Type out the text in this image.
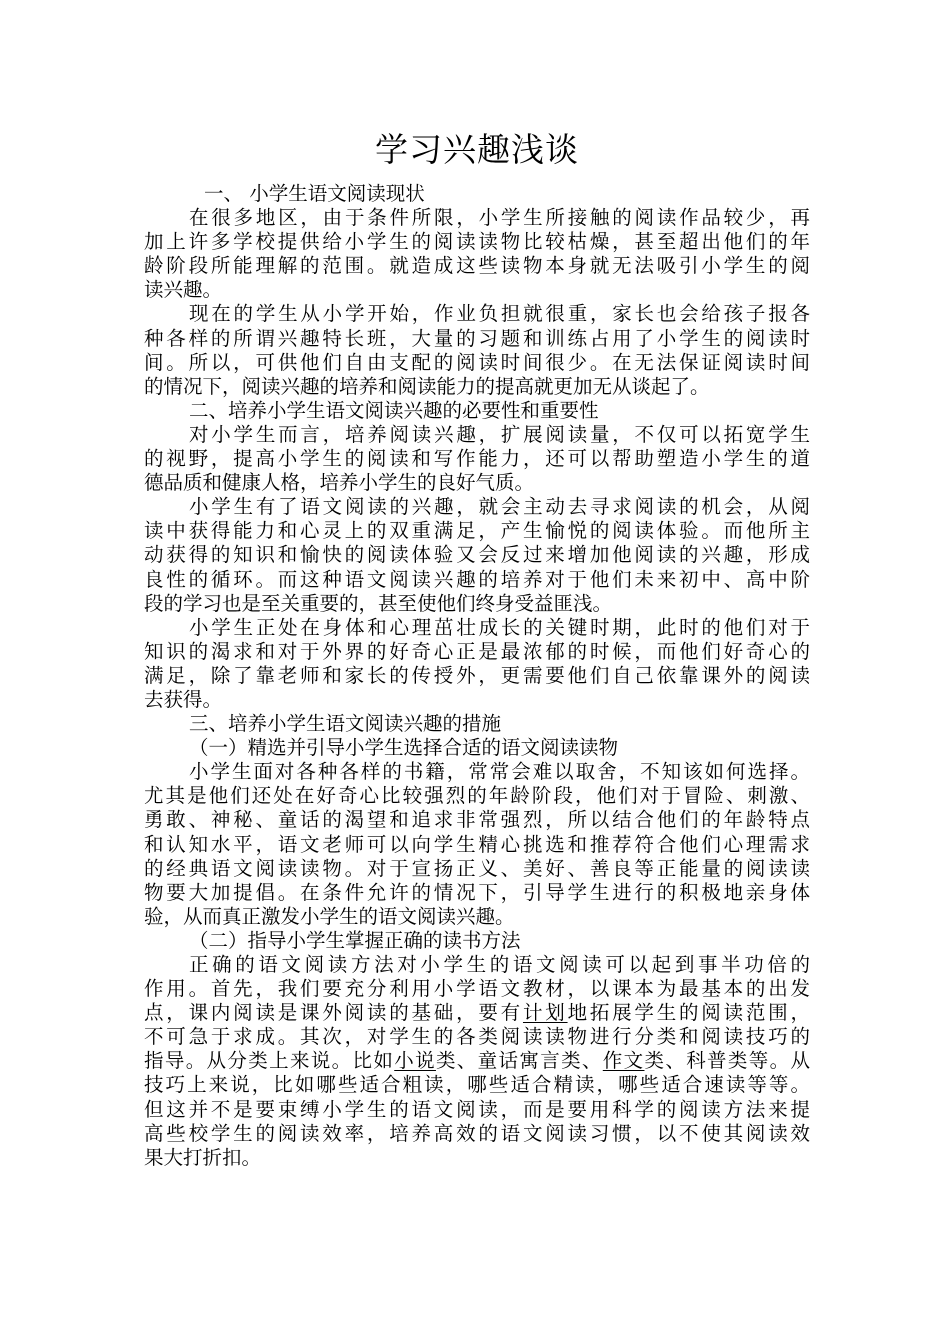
学习兴趣浅谈
一、 小学生语文阅读现状
在很多地区，由于条件所限，小学生所接触的阅读作品较少，再
加上许多学校提供给小学生的阅读读物比较枯燥，甚至超出他们的年
龄阶段所能理解的范围。就造成这些读物本身就无法吸引小学生的阅
读兴趣。
现在的学生从小学开始，作业负担就很重，家长也会给孩子报各
种各样的所谓兴趣特长班，大量的习题和训练占用了小学生的阅读时
间。所以，可供他们自由支配的阅读时间很少。在无法保证阅读时间
的情况下，阅读兴趣的培养和阅读能力的提高就更加无从谈起了。
二、培养小学生语文阅读兴趣的必要性和重要性
对小学生而言，培养阅读兴趣，扩展阅读量，不仅可以拓宽学生
的视野，提高小学生的阅读和写作能力，还可以帮助塑造小学生的道
德品质和健康人格，培养小学生的良好气质。
小学生有了语文阅读的兴趣，就会主动去寻求阅读的机会，从阅
读中获得能力和心灵上的双重满足，产生愉悦的阅读体验。而他所主
动获得的知识和愉快的阅读体验又会反过来增加他阅读的兴趣，形成
良性的循环。而这种语文阅读兴趣的培养对于他们未来初中、高中阶
段的学习也是至关重要的，甚至使他们终身受益匪浅。
小学生正处在身体和心理茁壮成长的关键时期，此时的他们对于
知识的渴求和对于外界的好奇心正是最浓郁的时候，而他们好奇心的
满足，除了靠老师和家长的传授外，更需要他们自己依靠课外的阅读
去获得。
三、培养小学生语文阅读兴趣的措施
（一）精选并引导小学生选择合适的语文阅读读物
小学生面对各种各样的书籍，常常会难以取舍，不知该如何选择。
尤其是他们还处在好奇心比较强烈的年龄阶段，他们对于冒险、刺激、
勇敢、神秘、童话的渴望和追求非常强烈，所以结合他们的年龄特点
和认知水平，语文老师可以向学生精心挑选和推荐符合他们心理需求
的经典语文阅读读物。对于宣扬正义、美好、善良等正能量的阅读读
物要大加提倡。在条件允许的情况下，引导学生进行的积极地亲身体
验，从而真正激发小学生的语文阅读兴趣。
（二）指导小学生掌握正确的读书方法
正确的语文阅读方法对小学生的语文阅读可以起到事半功倍的
作用。首先，我们要充分利用小学语文教材，以课本为最基本的出发
点，课内阅读是课外阅读的基础，要有计划地拓展学生的阅读范围，
不可急于求成。其次，对学生的各类阅读读物进行分类和阅读技巧的
指导。从分类上来说。比如小说类、童话寓言类、作文类、科普类等。从
技巧上来说，比如哪些适合粗读，哪些适合精读，哪些适合速读等等。
但这并不是要束缚小学生的语文阅读，而是要用科学的阅读方法来提
高些校学生的阅读效率，培养高效的语文阅读习惯，以不使其阅读效
果大打折扣。
